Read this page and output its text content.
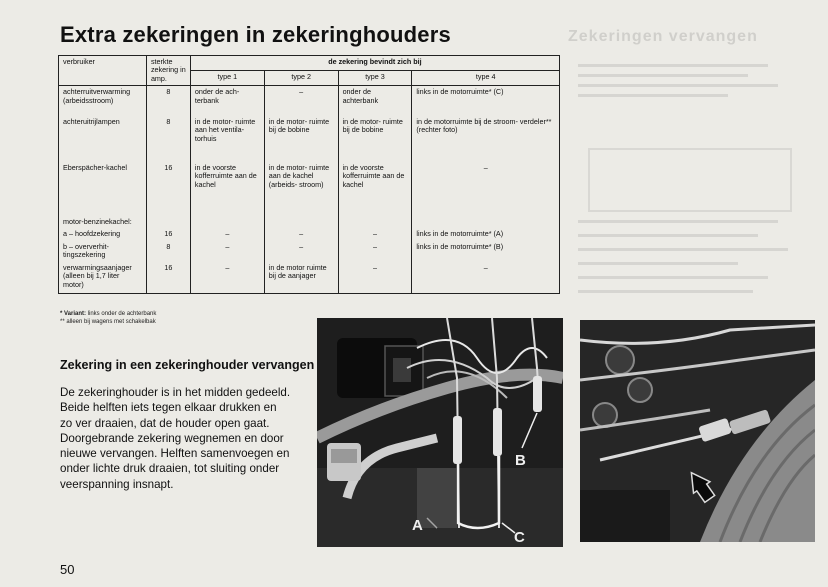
Zekeringen vervangen
Extra zekeringen in zekeringhouders
verbruiker	sterkte zekering in amp.	de zekering bevindt zich bij			
		type 1	type 2	type 3	type 4
achterruitverwarming (arbeidsstroom)	8	onder de ach- terbank	–	onder de achterbank	links in de motorruimte* (C)
achteruitrijlampen	8	in de motor- ruimte aan het ventila- torhuis	in de motor- ruimte bij de bobine	in de motor- ruimte bij de bobine	in de motorruimte bij de stroom- verdeler** (rechter foto)
Eberspächer-kachel	16	in de voorste kofferruimte aan de kachel	in de motor- ruimte aan de kachel (arbeids- stroom)	in de voorste kofferruimte aan de kachel	–
motor-benzinekachel:					
a – hoofdzekering	16	–	–	–	links in de motorruimte* (A)
b – oververhit- tingszekering	8	–	–	–	links in de motorruimte* (B)
verwarmingsaanjager (alleen bij 1,7 liter motor)	16	–	in de motor ruimte bij de aanjager	–	–
* Variant: links onder de achterbank
** alleen bij wagens met schakelbak
Zekering in een zekeringhouder vervangen
De zekeringhouder is in het midden gedeeld.
Beide helften iets tegen elkaar drukken en
zo ver draaien, dat de houder open gaat.
Doorgebrande zekering wegnemen en door
nieuwe vervangen. Helften samenvoegen en
onder lichte druk draaien, tot sluiting onder
veerspanning insnapt.
A
C
B
50
